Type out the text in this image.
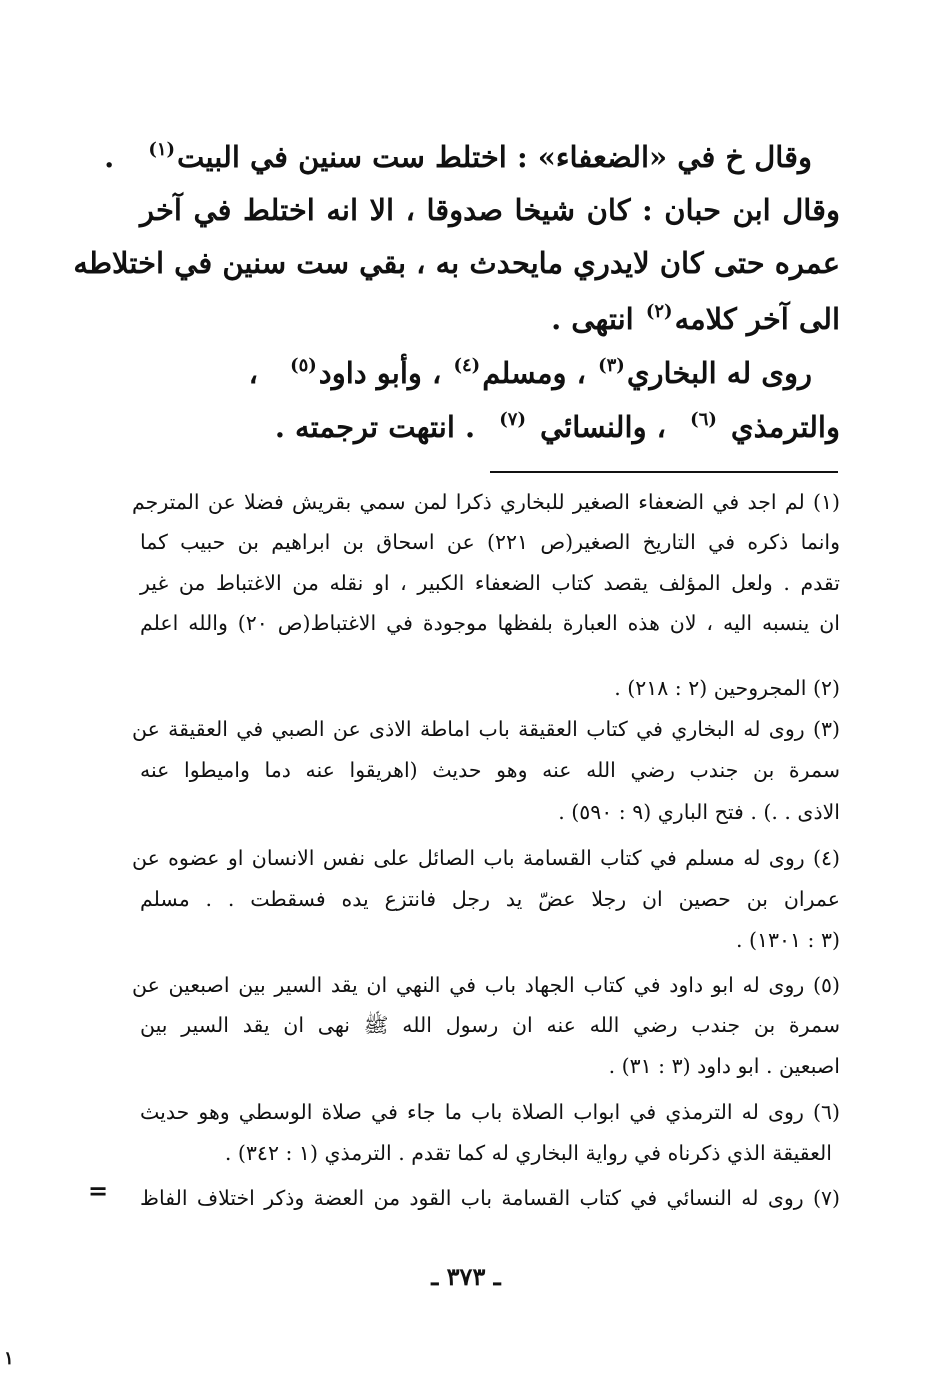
وقال خ في «الضعفاء» : اختلط ست سنين في البيت$^{(١)}$ .
وقال ابن حبان : كان شيخا صدوقا ، الا انه اختلط في آخر
عمره حتى كان لايدري مايحدث به ، بقي ست سنين في اختلاطه
الى آخر كلامه$^{(٢)}$ انتهى .
روى له البخاري$^{(٣)}$ ، ومسلم$^{(٤)}$ ، وأبو داود$^{(٥)}$ ،
والترمذي$^{(٦)}$ ، والنسائي$^{(٧)}$ . انتهت ترجمته .
(١) لم اجد في الضعفاء الصغير للبخاري ذكرا لمن سمي بقريش فضلا عن المترجم
وانما ذكره في التاريخ الصغير(ص ٢٢١) عن اسحاق بن ابراهيم بن حبيب كما
تقدم . ولعل المؤلف يقصد كتاب الضعفاء الكبير ، او نقله من الاغتباط من غير
ان ينسبه اليه ، لان هذه العبارة بلفظها موجودة في الاغتباط(ص ٢٠) والله اعلم
(٢) المجروحين (٢ : ٢١٨) .
(٣) روى له البخاري في كتاب العقيقة باب اماطة الاذى عن الصبي في العقيقة عن
سمرة بن جندب رضي الله عنه وهو حديث (اهريقوا عنه دما واميطوا عنه
الاذى . .) . فتح الباري (٩ : ٥٩٠) .
(٤) روى له مسلم في كتاب القسامة باب الصائل على نفس الانسان او عضوه عن
عمران بن حصين ان رجلا عضّ يد رجل فانتزع يده فسقطت . . مسلم
(٣ : ١٣٠١) .
(٥) روى له ابو داود في كتاب الجهاد باب في النهي ان يقد السير بين اصبعين عن
سمرة بن جندب رضي الله عنه ان رسول الله ﷺ نهى ان يقد السير بين
اصبعين . ابو داود (٣ : ٣١) .
(٦) روى له الترمذي في ابواب الصلاة باب ما جاء في صلاة الوسطي وهو حديث
العقيقة الذي ذكرناه في رواية البخاري له كما تقدم . الترمذي (١ : ٣٤٢) .
(٧) روى له النسائي في كتاب القسامة باب القود من العضة وذكر اختلاف الفاظ
=
ـ ٣٧٣ ـ
١
